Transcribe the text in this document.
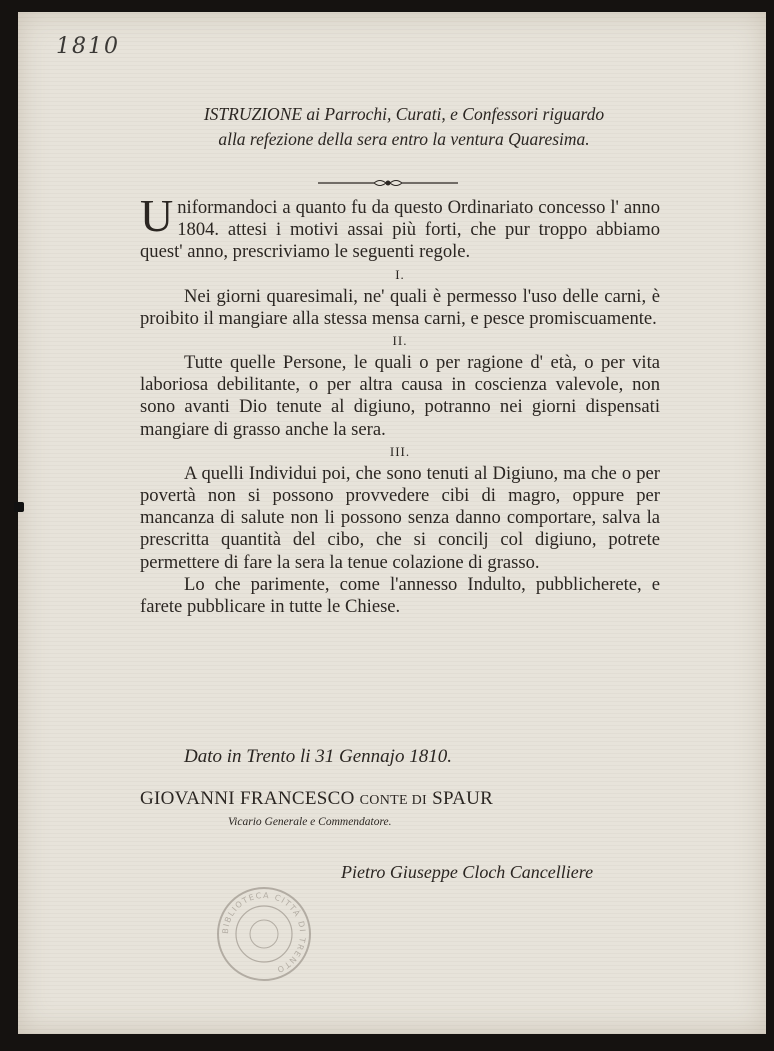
1810

ISTRUZIONE ai Parrochi, Curati, e Confessori riguardo
alla refezione della sera entro la ventura Quaresima.

Uniformandoci a quanto fu da questo Ordinariato concesso l' anno 1804. attesi i motivi assai più forti, che pur troppo abbiamo quest' anno, prescriviamo le seguenti regole.

I.

Nei giorni quaresimali, ne' quali è permesso l'uso delle carni, è proibito il mangiare alla stessa mensa carni, e pesce promiscuamente.

II.

Tutte quelle Persone, le quali o per ragione d' età, o per vita laboriosa debilitante, o per altra causa in coscienza valevole, non sono avanti Dio tenute al digiuno, potranno nei giorni dispensati mangiare di grasso anche la sera.

III.

A quelli Individui poi, che sono tenuti al Digiuno, ma che o per povertà non si possono provvedere cibi di magro, oppure per mancanza di salute non li possono senza danno comportare, salva la prescritta quantità del cibo, che si concilj col digiuno, potrete permettere di fare la sera la tenue colazione di grasso.

Lo che parimente, come l'annesso Indulto, pubblicherete, e farete pubblicare in tutte le Chiese.

Dato in Trento li 31 Gennajo 1810.

GIOVANNI FRANCESCO CONTE DI SPAUR

Vicario Generale e Commendatore.

Pietro Giuseppe Cloch Cancelliere

BIBLIOTECA CITTÀ DI TRENTO
